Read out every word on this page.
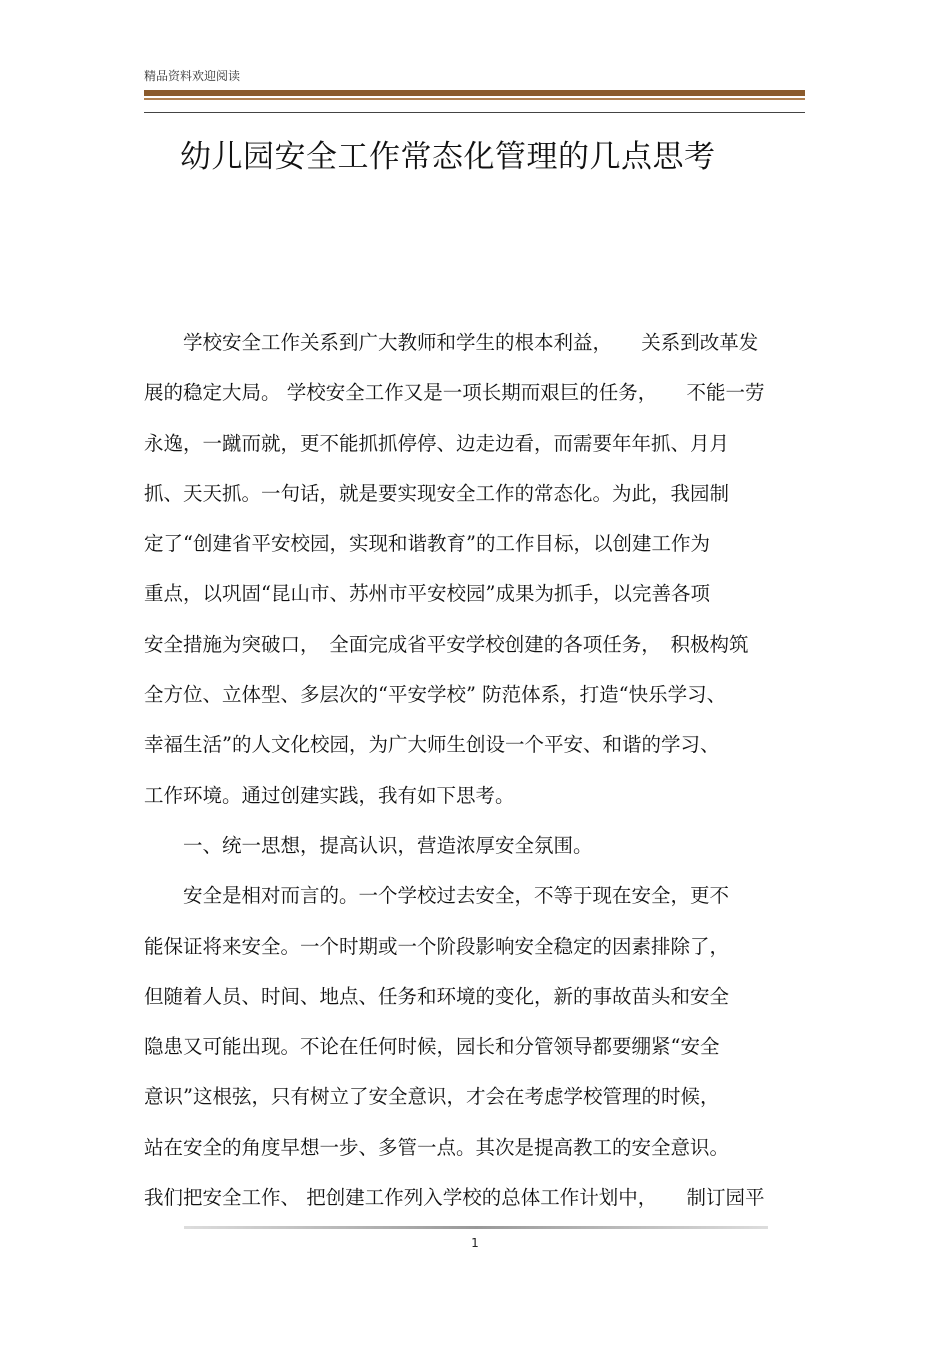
精品资料欢迎阅读
幼儿园安全工作常态化管理的几点思考
　　学校安全工作关系到广大教师和学生的根本利益，　　关系到改革发
展的稳定大局。 学校安全工作又是一项长期而艰巨的任务，　　不能一劳
永逸，一蹴而就，更不能抓抓停停、边走边看，而需要年年抓、月月
抓、天天抓。一句话，就是要实现安全工作的常态化。为此，我园制
定了“创建省平安校园，实现和谐教育”的工作目标，以创建工作为
重点，以巩固“昆山市、苏州市平安校园”成果为抓手，以完善各项
安全措施为突破口，　全面完成省平安学校创建的各项任务，　积极构筑
全方位、立体型、多层次的“平安学校” 防范体系，打造“快乐学习、
幸福生活”的人文化校园，为广大师生创设一个平安、和谐的学习、
工作环境。通过创建实践，我有如下思考。
　　一、统一思想，提高认识，营造浓厚安全氛围。
　　安全是相对而言的。一个学校过去安全，不等于现在安全，更不
能保证将来安全。一个时期或一个阶段影响安全稳定的因素排除了，
但随着人员、时间、地点、任务和环境的变化，新的事故苗头和安全
隐患又可能出现。不论在任何时候，园长和分管领导都要绷紧“安全
意识”这根弦，只有树立了安全意识，才会在考虑学校管理的时候，
站在安全的角度早想一步、多管一点。其次是提高教工的安全意识。
我们把安全工作、 把创建工作列入学校的总体工作计划中，　　制订园平
1
